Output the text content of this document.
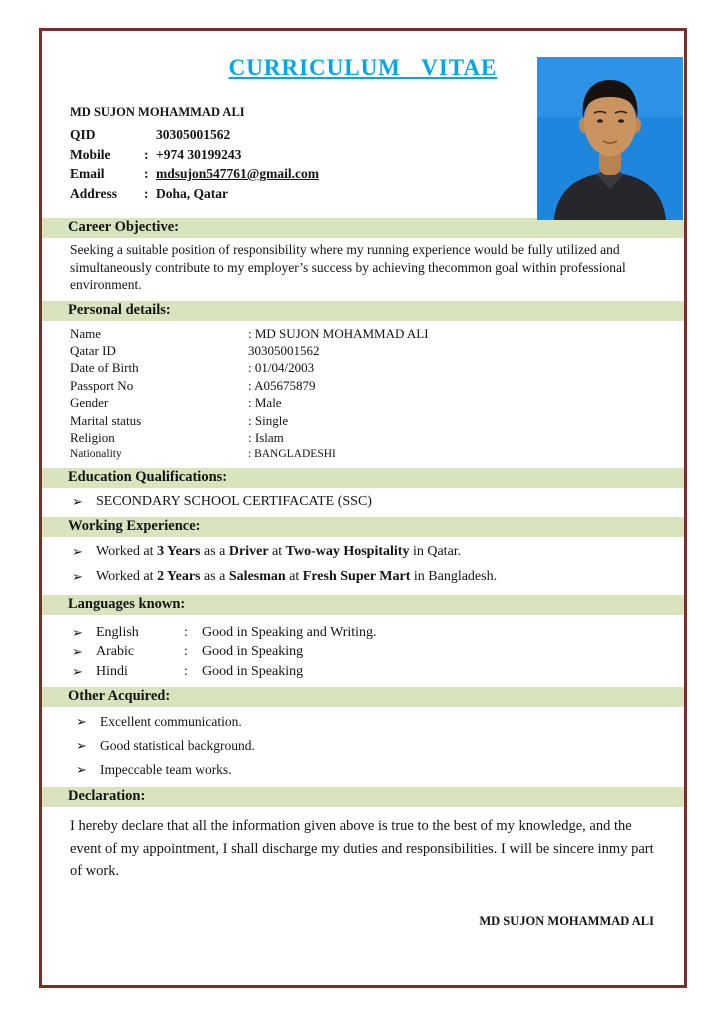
CURRICULUM VITAE
MD SUJON MOHAMMAD ALI
QID	30305001562
Mobile	: +974 30199243
Email	: mdsujon547761@gmail.com
Address	: Doha, Qatar
Career Objective:
Seeking a suitable position of responsibility where my running experience would be fully utilized and simultaneously contribute to my employer’s success by achieving thecommon goal within professional environment.
Personal details:
Name	: MD SUJON MOHAMMAD ALI
Qatar ID	30305001562
Date of Birth	: 01/04/2003
Passport No	: A05675879
Gender	: Male
Marital status	: Single
Religion	: Islam
Nationality	: BANGLADESHI
Education Qualifications:
➢ SECONDARY SCHOOL CERTIFACATE (SSC)
Working Experience:
➢ Worked at 3 Years as a Driver at Two-way Hospitality in Qatar.
➢ Worked at 2 Years as a Salesman at Fresh Super Mart in Bangladesh.
Languages known:
➢ English	:	Good in Speaking and Writing.
➢ Arabic	:	Good in Speaking
➢ Hindi	:	Good in Speaking
Other Acquired:
➢ Excellent communication.
➢ Good statistical background.
➢ Impeccable team works.
Declaration:
I hereby declare that all the information given above is true to the best of my knowledge, and the event of my appointment, I shall discharge my duties and responsibilities. I will be sincere inmy part of work.
MD SUJON MOHAMMAD ALI
